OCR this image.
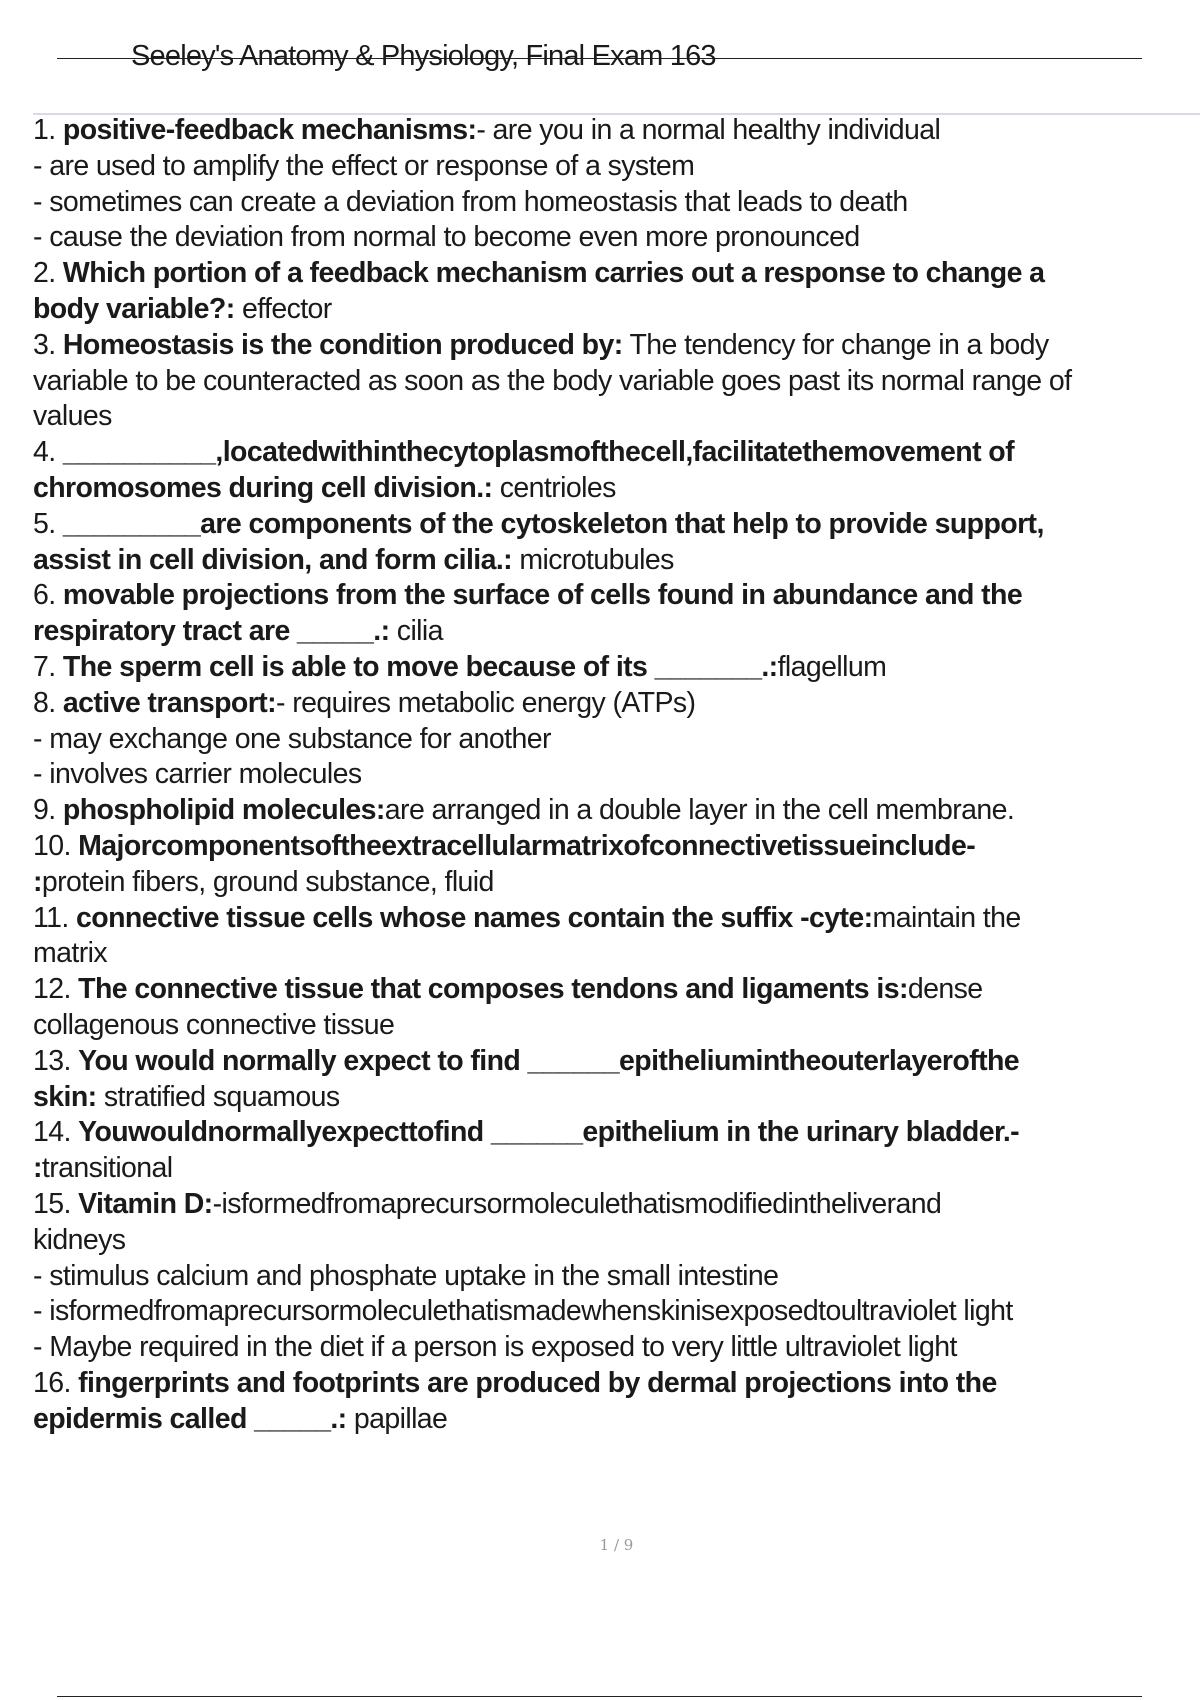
Seeley's Anatomy & Physiology, Final Exam 163
1. positive-feedback mechanisms:- are you in a normal healthy individual
- are used to amplify the effect or response of a system
- sometimes can create a deviation from homeostasis that leads to death
- cause the deviation from normal to become even more pronounced
2. Which portion of a feedback mechanism carries out a response to change a
body variable?: effector
3. Homeostasis is the condition produced by: The tendency for change in a body
variable to be counteracted as soon as the body variable goes past its normal range of
values
4. __________,locatedwithinthecytoplasmofthecell,facilitatethemovement of
chromosomes during cell division.: centrioles
5. _________are components of the cytoskeleton that help to provide support,
assist in cell division, and form cilia.: microtubules
6. movable projections from the surface of cells found in abundance and the
respiratory tract are _____.: cilia
7. The sperm cell is able to move because of its _______.:flagellum
8. active transport:- requires metabolic energy (ATPs)
- may exchange one substance for another
- involves carrier molecules
9. phospholipid molecules:are arranged in a double layer in the cell membrane.
10. Majorcomponentsoftheextracellularmatrixofconnectivetissueinclude-
:protein fibers, ground substance, fluid
11. connective tissue cells whose names contain the suffix -cyte:maintain the
matrix
12. The connective tissue that composes tendons and ligaments is:dense
collagenous connective tissue
13. You would normally expect to find ______epitheliumintheouterlayerofthe
skin: stratified squamous
14. Youwouldnormallyexpecttofind ______epithelium in the urinary bladder.-
:transitional
15. Vitamin D:-isformedfromaprecursormoleculethatismodifiedintheliverand
kidneys
- stimulus calcium and phosphate uptake in the small intestine
- isformedfromaprecursormoleculethatismadewhenskinisexposedtoultraviolet light
- Maybe required in the diet if a person is exposed to very little ultraviolet light
16. fingerprints and footprints are produced by dermal projections into the
epidermis called _____.: papillae
1 / 9
